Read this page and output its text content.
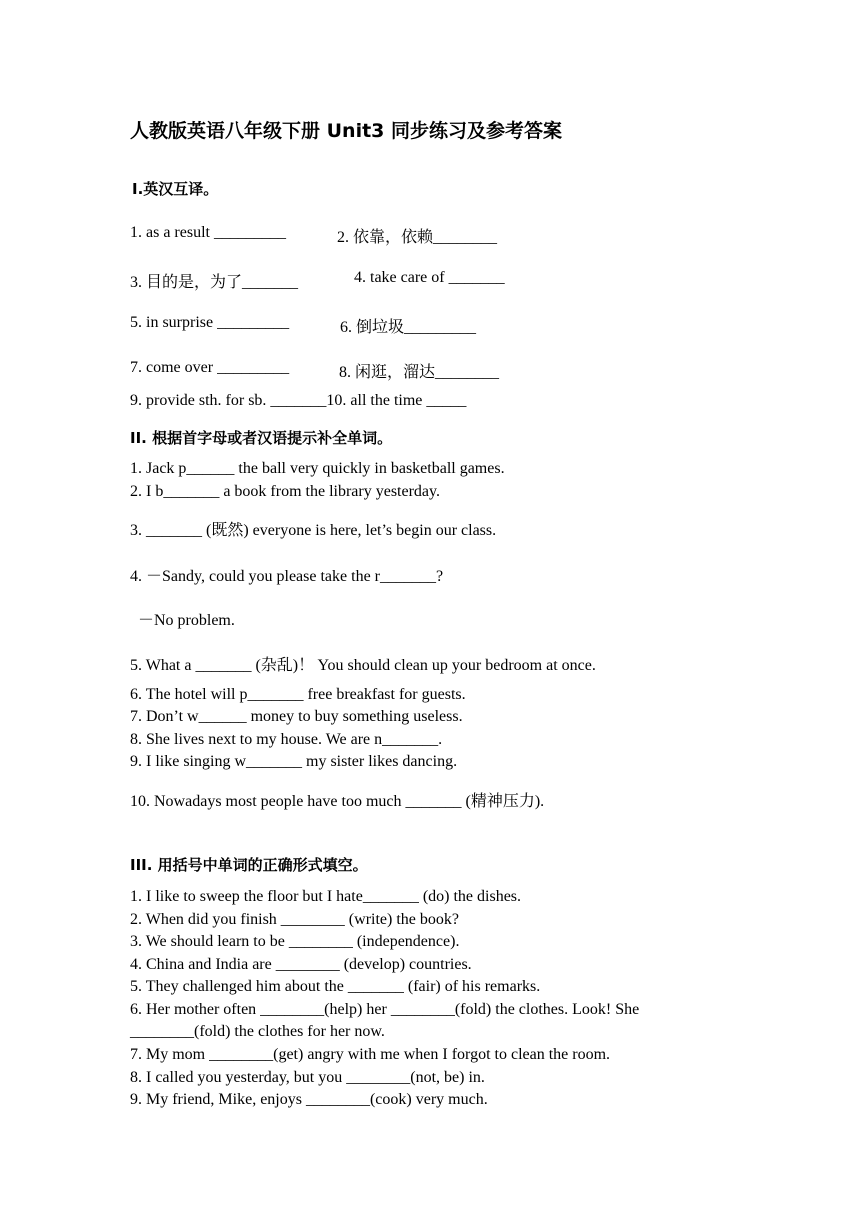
人教版英语八年级下册 Unit3 同步练习及参考答案
Ⅰ.英汉互译。
1. as a result _________	2. 依靠，依赖________
3. 目的是，为了_______	4. take care of _______
5. in surprise _________	6. 倒垃圾_________
7. come over _________	8. 闲逛，溜达________
9. provide sth. for sb. _______10. all the time _____
II. 根据首字母或者汉语提示补全单词。
1. Jack p______ the ball very quickly in basketball games.
2. I b_______ a book from the library yesterday.
3. _______ (既然) everyone is here, let’s begin our class.
4. －Sandy, could you please take the r_______?
－No problem.
5. What a _______ (杂乱)！ You should clean up your bedroom at once.
6. The hotel will p_______ free breakfast for guests.
7. Don’t w______ money to buy something useless.
8. She lives next to my house. We are n_______.
9. I like singing w_______ my sister likes dancing.
10. Nowadays most people have too much _______ (精神压力).
III. 用括号中单词的正确形式填空。
1. I like to sweep the floor but I hate_______ (do) the dishes.
2. When did you finish ________ (write) the book?
3. We should learn to be ________ (independence).
4. China and India are ________ (develop) countries.
5. They challenged him about the _______ (fair) of his remarks.
6. Her mother often ________(help) her ________(fold) the clothes. Look! She
________(fold) the clothes for her now.
7. My mom ________(get) angry with me when I forgot to clean the room.
8. I called you yesterday, but you ________(not, be) in.
9. My friend, Mike, enjoys ________(cook) very much.
